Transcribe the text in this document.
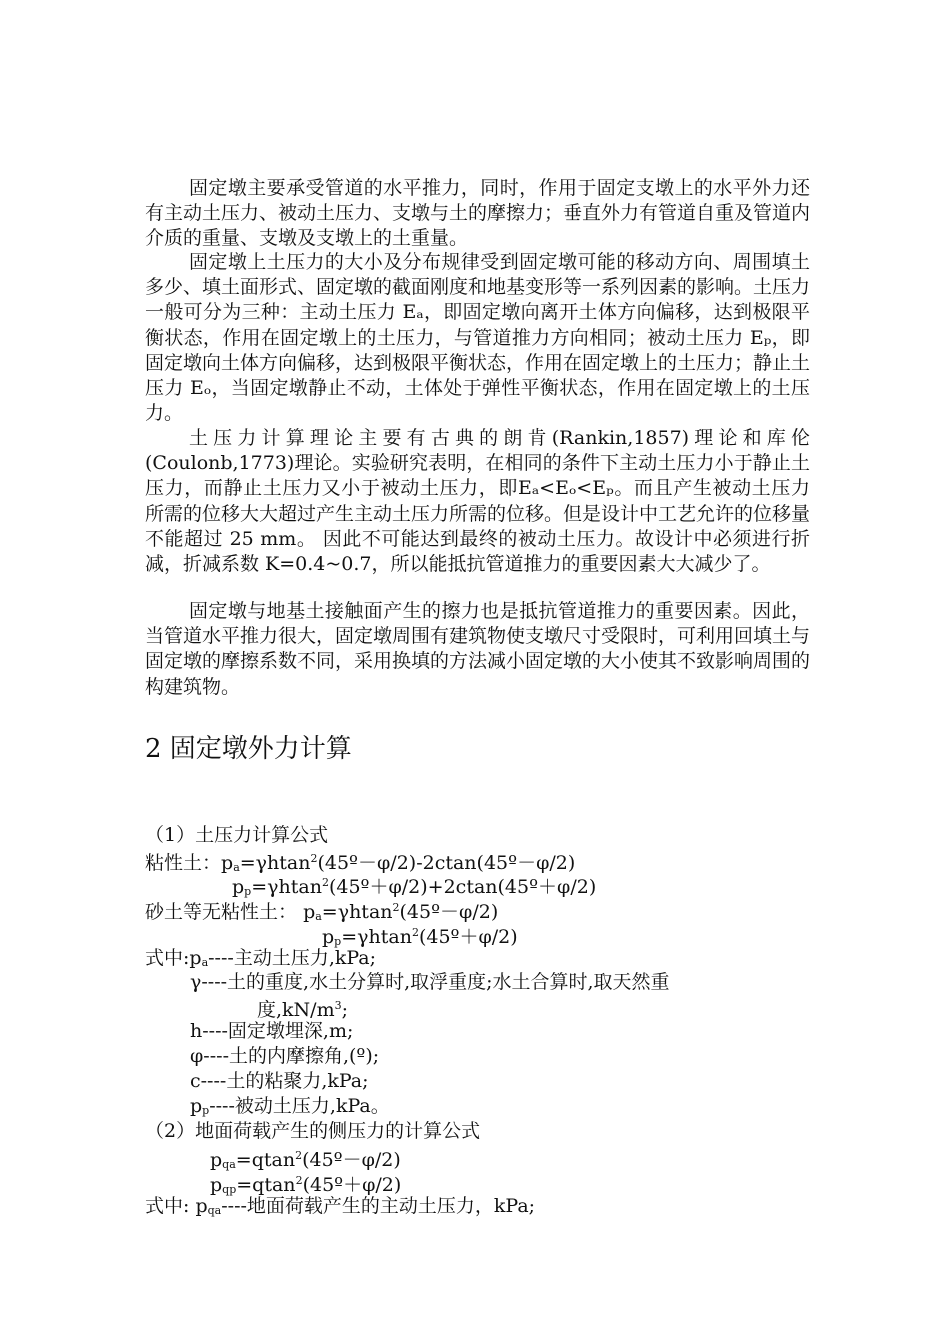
固定墩主要承受管道的水平推力，同时，作用于固定支墩上的水平外力还有主动土压力、被动土压力、支墩与土的摩擦力；垂直外力有管道自重及管道内介质的重量、支墩及支墩上的土重量。

固定墩上土压力的大小及分布规律受到固定墩可能的移动方向、周围填土多少、填土面形式、固定墩的截面刚度和地基变形等一系列因素的影响。土压力一般可分为三种：主动土压力 Eₐ，即固定墩向离开土体方向偏移，达到极限平衡状态，作用在固定墩上的土压力，与管道推力方向相同；被动土压力 Eₚ，即固定墩向土体方向偏移，达到极限平衡状态，作用在固定墩上的土压力；静止土压力 Eₒ，当固定墩静止不动，土体处于弹性平衡状态，作用在固定墩上的土压力。

土压力计算理论主要有古典的朗肯(Rankin,1857)理论和库伦(Coulonb,1773)理论。实验研究表明，在相同的条件下主动土压力小于静止土压力，而静止土压力又小于被动土压力，即Eₐ<Eₒ<Eₚ。而且产生被动土压力所需的位移大大超过产生主动土压力所需的位移。但是设计中工艺允许的位移量不能超过 25 mm。 因此不可能达到最终的被动土压力。故设计中必须进行折减，折减系数 K=0.4~0.7，所以能抵抗管道推力的重要因素大大减少了。

固定墩与地基土接触面产生的擦力也是抵抗管道推力的重要因素。因此，当管道水平推力很大，固定墩周围有建筑物使支墩尺寸受限时，可利用回填土与固定墩的摩擦系数不同，采用换填的方法减小固定墩的大小使其不致影响周围的构建筑物。

2 固定墩外力计算
（1）土压力计算公式
粘性土：pa=γhtan$^2$(45º－φ/2)-2ctan(45º－φ/2)
pp=γhtan$^2$(45º＋φ/2)+2ctan(45º＋φ/2)
砂土等无粘性土： pa=γhtan$^2$(45º－φ/2)
pp=γhtan$^2$(45º＋φ/2)
式中:pa----主动土压力,kPa;
γ----土的重度,水土分算时,取浮重度;水土合算时,取天然重
度$,kN/m^3$;
h----固定墩埋深,m;
φ----土的内摩擦角,(º);
c----土的粘聚力,kPa;
pp----被动土压力,kPa。
（2）地面荷载产生的侧压力的计算公式
pqa=qtan$^2$(45º－φ/2)
pqp=qtan$^2$(45º＋φ/2)
式中: pqa----地面荷载产生的主动土压力，kPa;
